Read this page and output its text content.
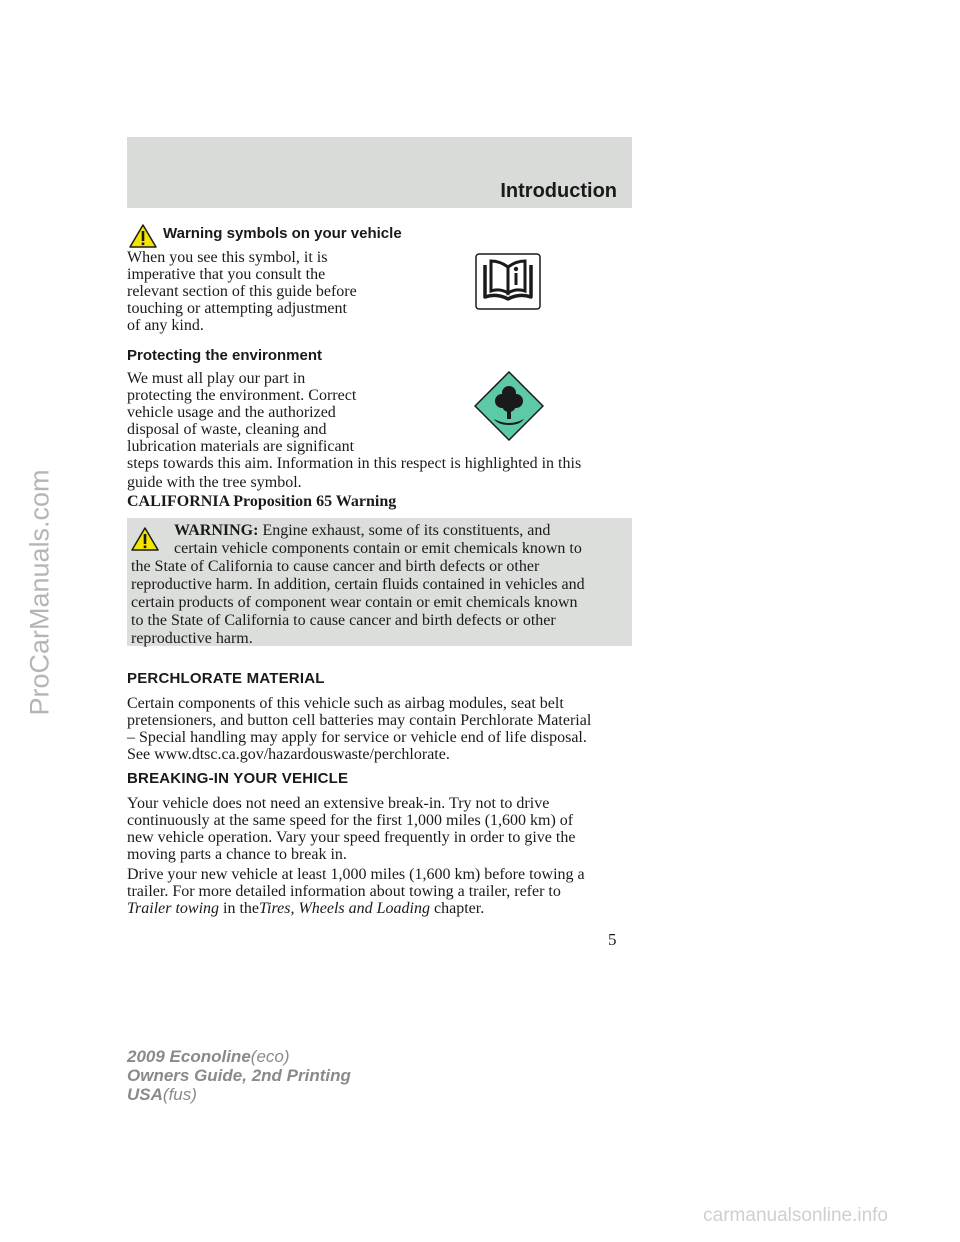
Introduction
ProCarManuals.com
Warning symbols on your vehicle

When you see this symbol, it is

imperative that you consult the

relevant section of this guide before

touching or attempting adjustment

of any kind.

Protecting the environment

We must all play our part in

protecting the environment. Correct

vehicle usage and the authorized

disposal of waste, cleaning and

lubrication materials are significant

steps towards this aim. Information in this respect is highlighted in this

guide with the tree symbol.

CALIFORNIA Proposition 65 Warning
WARNING: Engine exhaust, some of its constituents, and

certain vehicle components contain or emit chemicals known to

the State of California to cause cancer and birth defects or other

reproductive harm. In addition, certain fluids contained in vehicles and

certain products of component wear contain or emit chemicals known

to the State of California to cause cancer and birth defects or other

reproductive harm.

PERCHLORATE MATERIAL

Certain components of this vehicle such as airbag modules, seat belt

pretensioners, and button cell batteries may contain Perchlorate Material

– Special handling may apply for service or vehicle end of life disposal.

See www.dtsc.ca.gov/hazardouswaste/perchlorate.

BREAKING-IN YOUR VEHICLE

Your vehicle does not need an extensive break-in. Try not to drive

continuously at the same speed for the first 1,000 miles (1,600 km) of

new vehicle operation. Vary your speed frequently in order to give the

moving parts a chance to break in.

Drive your new vehicle at least 1,000 miles (1,600 km) before towing a

trailer. For more detailed information about towing a trailer, refer to

Trailer towing in theTires, Wheels and Loading chapter.

5
2009 Econoline(eco)
Owners Guide, 2nd Printing
USA(fus)
carmanualsonline.info
